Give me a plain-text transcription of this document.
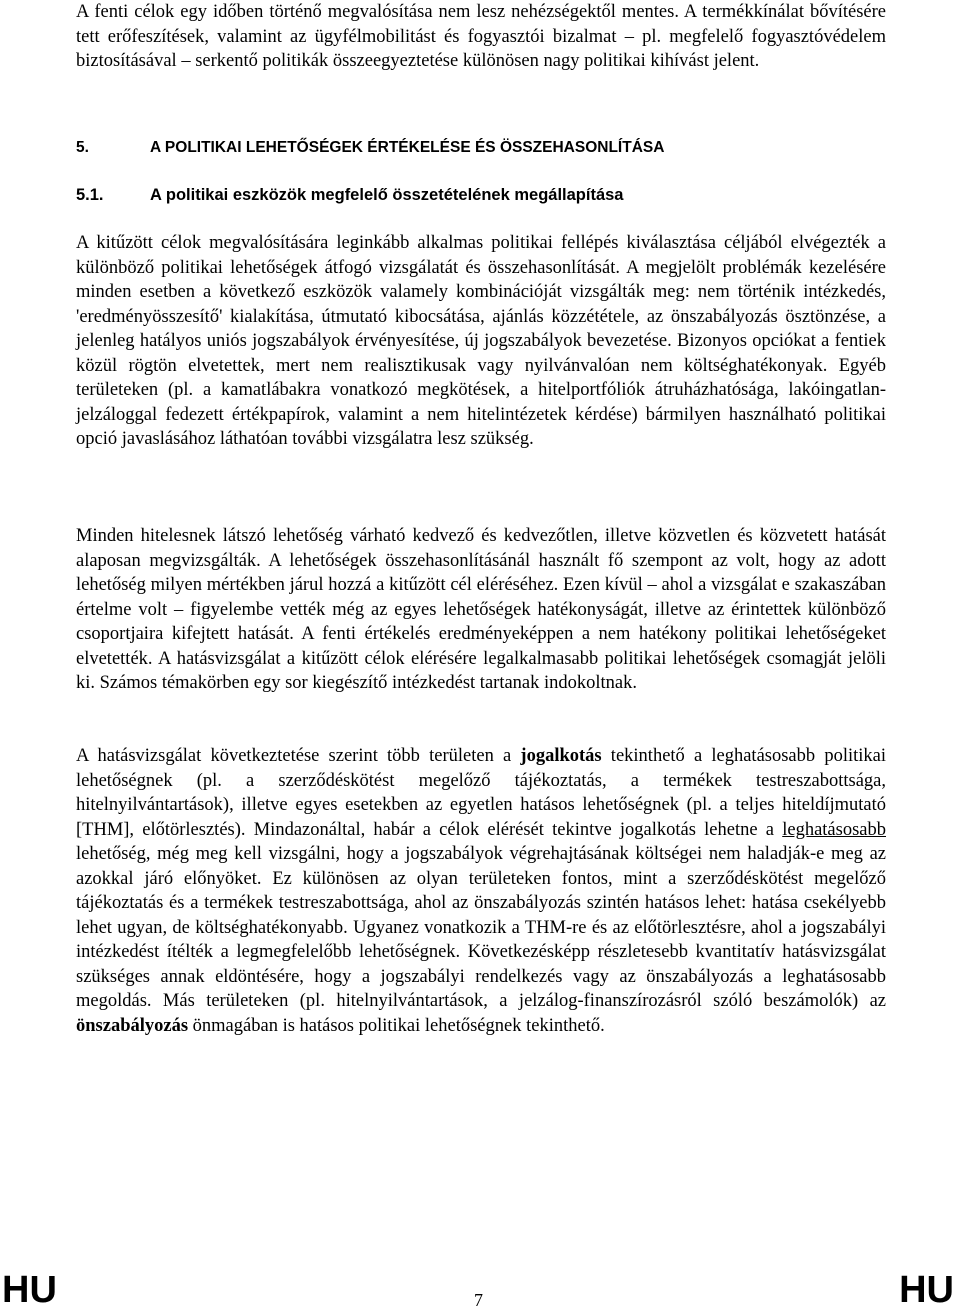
A fenti célok egy időben történő megvalósítása nem lesz nehézségektől mentes. A termékkínálat bővítésére tett erőfeszítések, valamint az ügyfélmobilitást és fogyasztói bizalmat – pl. megfelelő fogyasztóvédelem biztosításával – serkentő politikák összeegyeztetése különösen nagy politikai kihívást jelent.

5.	A POLITIKAI LEHETŐSÉGEK ÉRTÉKELÉSE ÉS ÖSSZEHASONLÍTÁSA
5.1.	A politikai eszközök megfelelő összetételének megállapítása

A kitűzött célok megvalósítására leginkább alkalmas politikai fellépés kiválasztása céljából elvégezték a különböző politikai lehetőségek átfogó vizsgálatát és összehasonlítását. A megjelölt problémák kezelésére minden esetben a következő eszközök valamely kombinációját vizsgálták meg: nem történik intézkedés, 'eredményösszesítő' kialakítása, útmutató kibocsátása, ajánlás közzététele, az önszabályozás ösztönzése, a jelenleg hatályos uniós jogszabályok érvényesítése, új jogszabályok bevezetése. Bizonyos opciókat a fentiek közül rögtön elvetettek, mert nem realisztikusak vagy nyilvánvalóan nem költséghatékonyak. Egyéb területeken (pl. a kamatlábakra vonatkozó megkötések, a hitelportfóliók átruházhatósága, lakóingatlan-jelzáloggal fedezett értékpapírok, valamint a nem hitelintézetek kérdése) bármilyen használható politikai opció javaslásához láthatóan további vizsgálatra lesz szükség.

Minden hitelesnek látszó lehetőség várható kedvező és kedvezőtlen, illetve közvetlen és közvetett hatását alaposan megvizsgálták. A lehetőségek összehasonlításánál használt fő szempont az volt, hogy az adott lehetőség milyen mértékben járul hozzá a kitűzött cél eléréséhez. Ezen kívül – ahol a vizsgálat e szakaszában értelme volt – figyelembe vették még az egyes lehetőségek hatékonyságát, illetve az érintettek különböző csoportjaira kifejtett hatását. A fenti értékelés eredményeképpen a nem hatékony politikai lehetőségeket elvetették. A hatásvizsgálat a kitűzött célok elérésére legalkalmasabb politikai lehetőségek csomagját jelöli ki. Számos témakörben egy sor kiegészítő intézkedést tartanak indokoltnak.

A hatásvizsgálat következtetése szerint több területen a jogalkotás tekinthető a leghatásosabb politikai lehetőségnek (pl. a szerződéskötést megelőző tájékoztatás, a termékek testreszabottsága, hitelnyilvántartások), illetve egyes esetekben az egyetlen hatásos lehetőségnek (pl. a teljes hiteldíjmutató [THM], előtörlesztés). Mindazonáltal, habár a célok elérését tekintve jogalkotás lehetne a leghatásosabb lehetőség, még meg kell vizsgálni, hogy a jogszabályok végrehajtásának költségei nem haladják-e meg az azokkal járó előnyöket. Ez különösen az olyan területeken fontos, mint a szerződéskötést megelőző tájékoztatás és a termékek testreszabottsága, ahol az önszabályozás szintén hatásos lehet: hatása csekélyebb lehet ugyan, de költséghatékonyabb. Ugyanez vonatkozik a THM-re és az előtörlesztésre, ahol a jogszabályi intézkedést ítélték a legmegfelelőbb lehetőségnek. Következésképp részletesebb kvantitatív hatásvizsgálat szükséges annak eldöntésére, hogy a jogszabályi rendelkezés vagy az önszabályozás a leghatásosabb megoldás. Más területeken (pl. hitelnyilvántartások, a jelzálog-finanszírozásról szóló beszámolók) az önszabályozás önmagában is hatásos politikai lehetőségnek tekinthető.

HU	7	HU
